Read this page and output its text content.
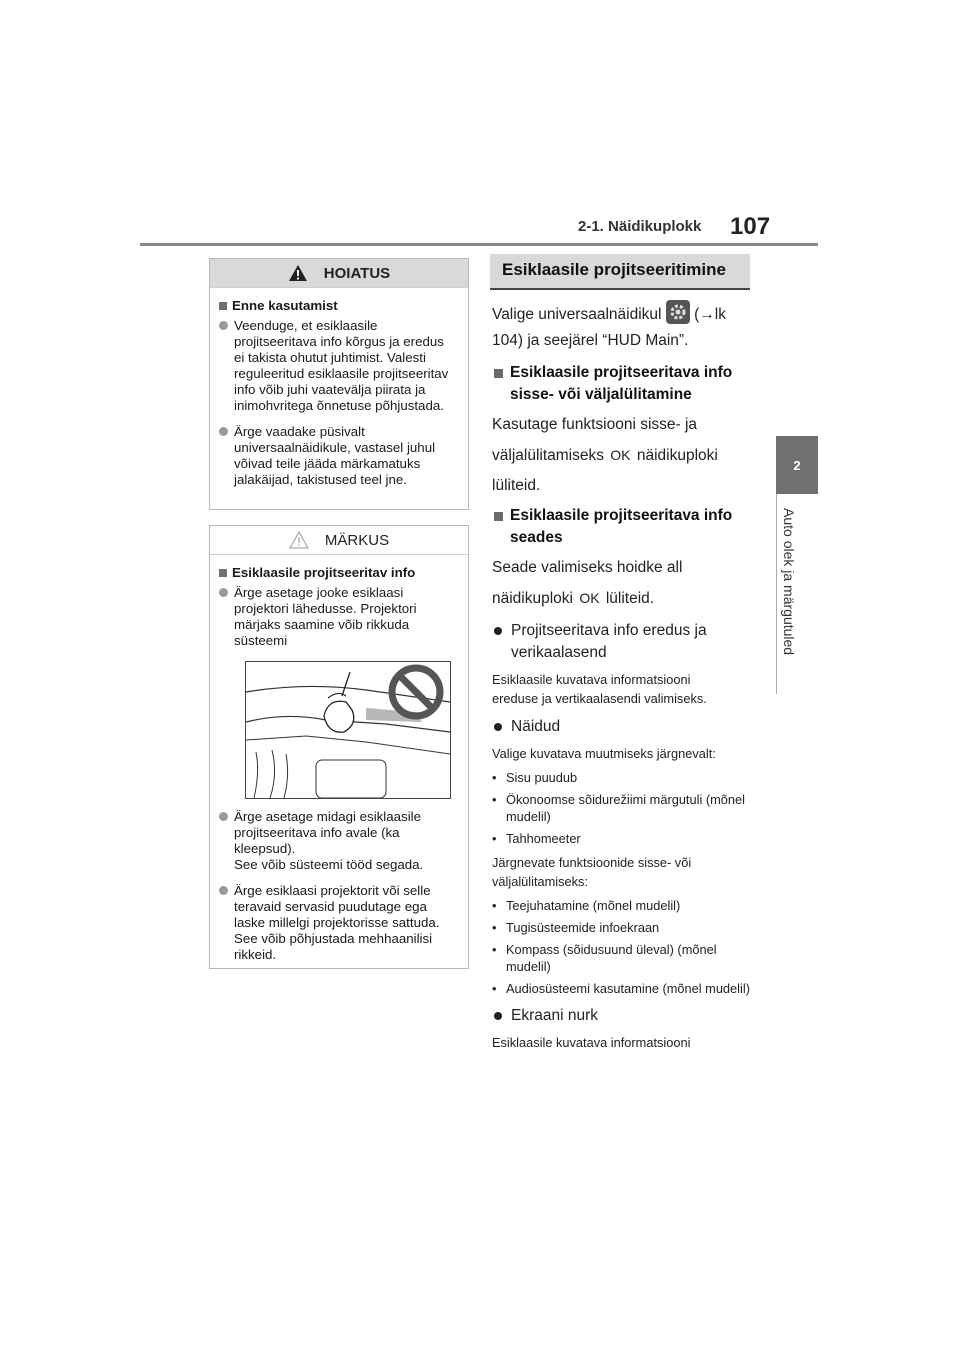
2-1. Näidikuplokk 107
2
Auto olek ja märgutuled
HOIATUS
Enne kasutamist
Veenduge, et esiklaasile projitseeritava info kõrgus ja eredus ei takista ohutut juhtimist. Valesti reguleeritud esiklaasile projitseeritav info võib juhi vaatevälja piirata ja inimohvritega õnnetuse põhjustada.
Ärge vaadake püsivalt universaalnäidikule, vastasel juhul võivad teile jääda märkamatuks jalakäijad, takistused teel jne.
MÄRKUS
Esiklaasile projitseeritav info
Ärge asetage jooke esiklaasi projektori lähedusse. Projektori märjaks saamine võib rikkuda süsteemi
Ärge asetage midagi esiklaasile projitseeritava info avale (ka kleepsud).
See võib süsteemi tööd segada.
Ärge esiklaasi projektorit või selle teravaid servasid puudutage ega laske millelgi projektorisse sattuda. See võib põhjustada mehhaanilisi rikkeid.
Esiklaasile projitseeritimine
Valige universaalnäidikul (→lk
104) ja seejärel “HUD Main”.
Esiklaasile projitseeritava info
sisse- või väljalülitamine
Kasutage funktsiooni sisse- ja
väljalülitamiseks OK näidikuploki
lüliteid.
Esiklaasile projitseeritava info
seades
Seade valimiseks hoidke all
näidikuploki OK lüliteid.
Projitseeritava info eredus ja
verikaalasend
Esiklaasile kuvatava informatsiooni
ereduse ja vertikaalasendi valimiseks.
Näidud
Valige kuvatava muutmiseks järgnevalt:
• Sisu puudub
• Ökonoomse sõidurežiimi märgutuli (mõnel mudelil)
• Tahhomeeter
Järgnevate funktsioonide sisse- või
väljalülitamiseks:
• Teejuhatamine (mõnel mudelil)
• Tugisüsteemide infoekraan
• Kompass (sõidusuund üleval) (mõnel mudelil)
• Audiosüsteemi kasutamine (mõnel mudelil)
Ekraani nurk
Esiklaasile kuvatava informatsiooni
